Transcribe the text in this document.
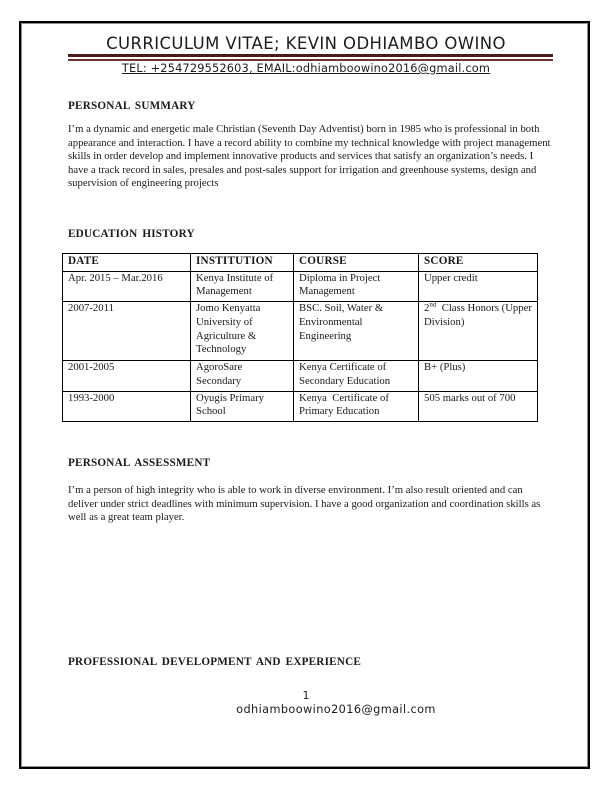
CURRICULUM VITAE; KEVIN ODHIAMBO OWINO
TEL: +254729552603, EMAIL:odhiamboowino2016@gmail.com
PERSONAL SUMMARY

I’m a dynamic and energetic male Christian (Seventh Day Adventist) born in 1985 who is professional in both appearance and interaction. I have a record ability to combine my technical knowledge with project management skills in order develop and implement innovative products and services that satisfy an organization’s needs. I have a track record in sales, presales and post-sales support for irrigation and greenhouse systems, design and supervision of engineering projects

EDUCATION HISTORY
DATE	INSTITUTION	COURSE	SCORE
Apr. 2015 – Mar.2016	Kenya Institute of Management	Diploma in Project Management	Upper credit
2007-2011	Jomo Kenyatta University of Agriculture & Technology	BSC. Soil, Water & Environmental Engineering	2nd  Class Honors (Upper Division)
2001-2005	AgoroSare Secondary	Kenya Certificate of Secondary Education	B+ (Plus)
1993-2000	Oyugis Primary School	Kenya  Certificate of Primary Education	505 marks out of 700
PERSONAL ASSESSMENT

I’m a person of high integrity who is able to work in diverse environment. I’m also result oriented and can deliver under strict deadlines with minimum supervision. I have a good organization and coordination skills as well as a great team player.

PROFESSIONAL DEVELOPMENT AND EXPERIENCE
1
odhiamboowino2016@gmail.com
